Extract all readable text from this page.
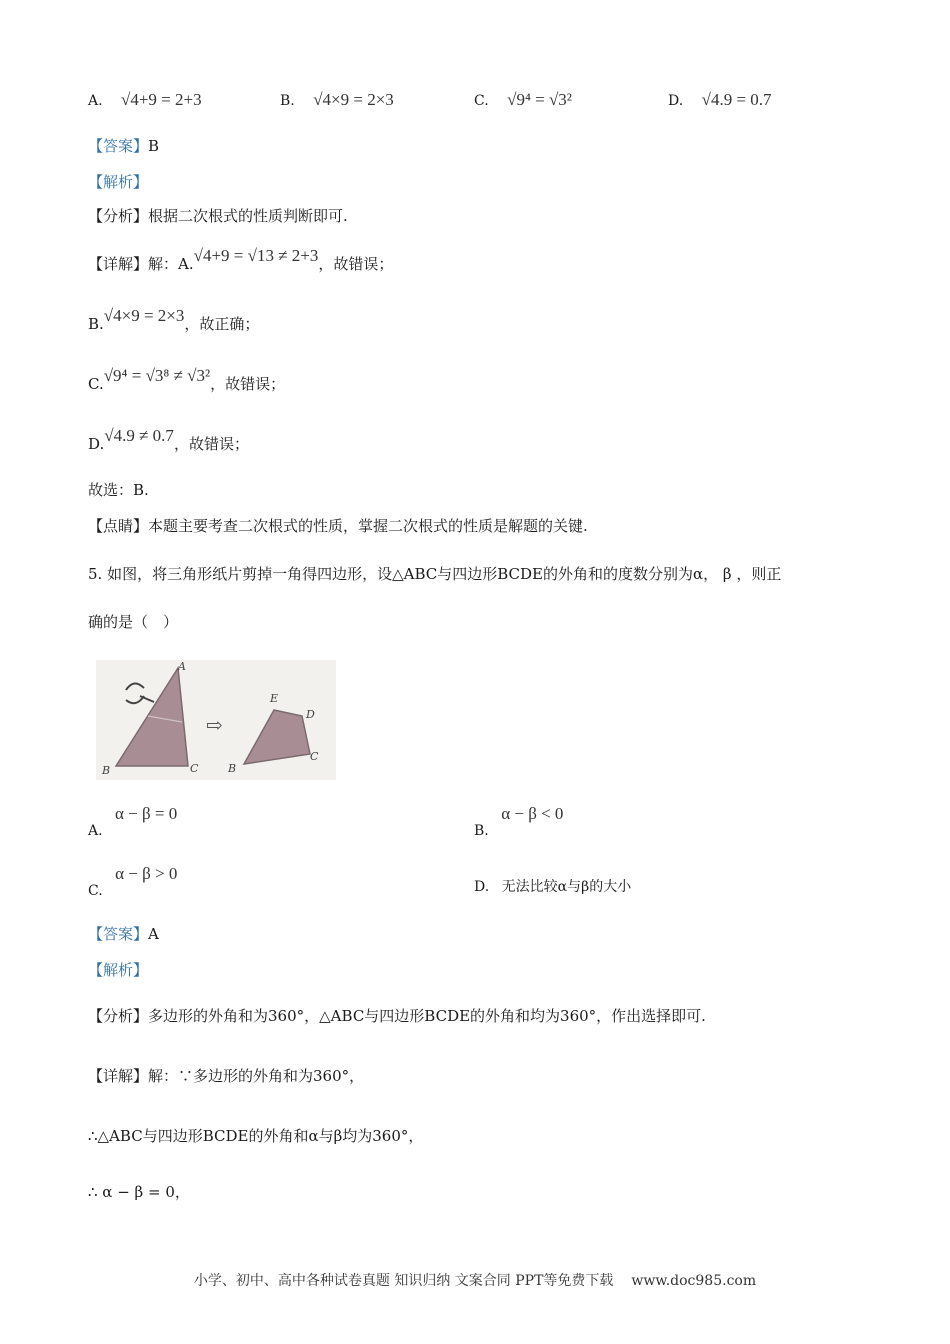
A. √4+9 = 2+3	B. √4×9 = 2×3	C. √9⁴ = √3²	D. √4.9 = 0.7
【答案】B
【解析】
【分析】根据二次根式的性质判断即可.
【详解】解：A.√4+9 = √13 ≠ 2+3，故错误；
B.√4×9 = 2×3，故正确；
C.√9⁴ = √3⁸ ≠ √3²，故错误；
D.√4.9 ≠ 0.7，故错误；
故选：B.
【点睛】本题主要考查二次根式的性质，掌握二次根式的性质是解题的关键.
5. 如图，将三角形纸片剪掉一角得四边形，设△ABC与四边形BCDE的外角和的度数分别为α， β ，则正
确的是（　）
A
B	C
⇨
E
D
B
C
A. α − β = 0
B. α − β < 0
C. α − β > 0
D. 无法比较α与β的大小
【答案】A
【解析】
【分析】多边形的外角和为360°，△ABC与四边形BCDE的外角和均为360°，作出选择即可.
【详解】解：∵多边形的外角和为360°，
∴△ABC与四边形BCDE的外角和α与β均为360°，
∴ α − β = 0，
小学、初中、高中各种试卷真题 知识归纳 文案合同 PPT等免费下载 www.doc985.com
